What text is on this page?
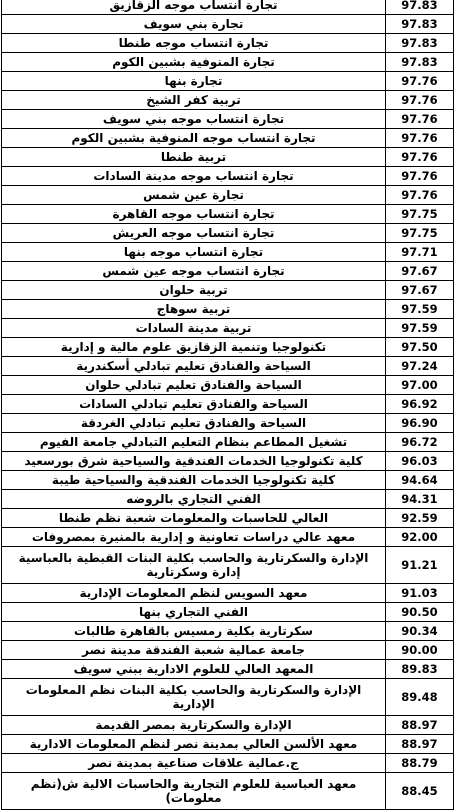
تجارة انتساب موجه الزقازيق	97.83
تجارة بني سويف	97.83
تجارة انتساب موجه طنطا	97.83
تجارة المنوفية بشبين الكوم	97.83
تجارة بنها	97.76
تربية كفر الشيخ	97.76
تجارة انتساب موجه بني سويف	97.76
تجارة انتساب موجه المنوفية بشبين الكوم	97.76
تربية طنطا	97.76
تجارة انتساب موجه مدينة السادات	97.76
تجارة عين شمس	97.76
تجارة انتساب موجه القاهرة	97.75
تجارة انتساب موجه العريش	97.75
تجارة انتساب موجه بنها	97.71
تجارة انتساب موجه عين شمس	97.67
تربية حلوان	97.67
تربية سوهاج	97.59
تربية مدينة السادات	97.59
تكنولوجيا وتنمية الزقازيق علوم مالية و إدارية	97.50
السياحة والفنادق تعليم تبادلي أسكندرية	97.24
السياحة والفنادق تعليم تبادلي حلوان	97.00
السياحة والفنادق تعليم تبادلي السادات	96.92
السياحة والفنادق تعليم تبادلي الغردقة	96.90
تشغيل المطاعم بنظام التعليم التبادلي جامعة الفيوم	96.72
كلية تكنولوجيا الخدمات الفندقية والسياحية شرق بورسعيد	96.03
كلية تكنولوجيا الخدمات الفندقية والسياحية طيبة	94.64
الفني التجاري بالروضه	94.31
العالي للحاسبات والمعلومات شعبة نظم طنطا	92.59
معهد عالي دراسات تعاونية و إدارية بالمنيرة بمصروفات	92.00
الإدارة والسكرتارية والحاسب بكلية البنات القبطية بالعباسية إدارة وسكرتارية	91.21
معهد السويس لنظم المعلومات الإدارية	91.03
الفني التجاري بنها	90.50
سكرتارية بكلية رمسيس بالقاهرة طالبات	90.34
جامعة عمالية شعبة الفندقة مدينة نصر	90.00
المعهد العالي للعلوم الادارية ببني سويف	89.83
الإدارة والسكرتارية والحاسب بكلية البنات نظم المعلومات الإدارية	89.48
الإدارة والسكرتارية بمصر القديمة	88.97
معهد الألسن العالي بمدينة نصر لنظم المعلومات الادارية	88.97
ج.عمالية علاقات صناعية بمدينة نصر	88.79
معهد العباسية للعلوم التجارية والحاسبات الالية ش(نظم معلومات)	88.45
